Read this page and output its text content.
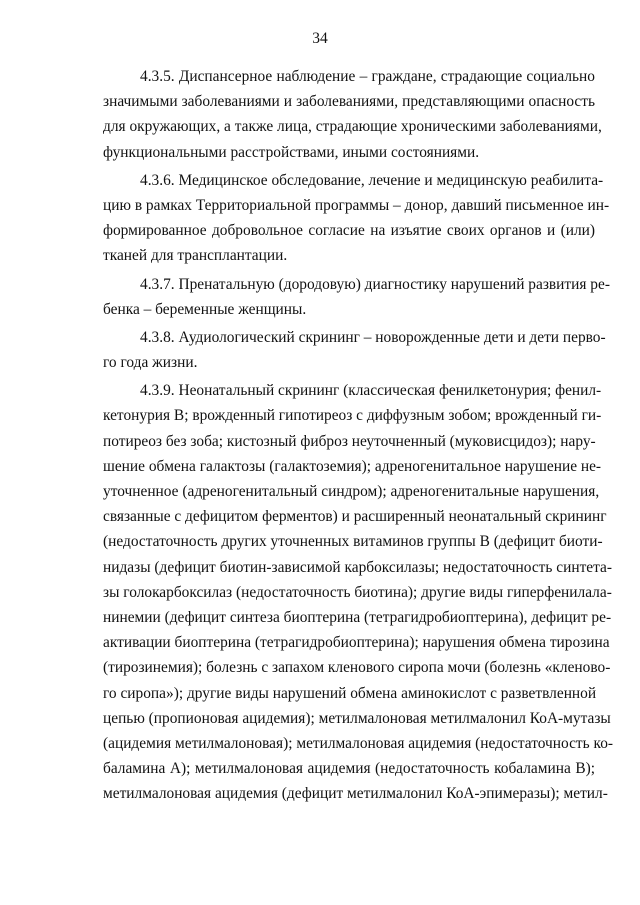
34
4.3.5. Диспансерное наблюдение – граждане, страдающие социально
значимыми заболеваниями и заболеваниями, представляющими опасность
для окружающих, а также лица, страдающие хроническими заболеваниями,
функциональными расстройствами, иными состояниями.
4.3.6. Медицинское обследование, лечение и медицинскую реабилита-
цию в рамках Территориальной программы – донор, давший письменное ин-
формированное добровольное согласие на изъятие своих органов и (или)
тканей для трансплантации.
4.3.7. Пренатальную (дородовую) диагностику нарушений развития ре-
бенка – беременные женщины.
4.3.8. Аудиологический скрининг – новорожденные дети и дети перво-
го года жизни.
4.3.9. Неонатальный скрининг (классическая фенилкетонурия; фенил-
кетонурия B; врожденный гипотиреоз с диффузным зобом; врожденный ги-
потиреоз без зоба; кистозный фиброз неуточненный (муковисцидоз); нару-
шение обмена галактозы (галактоземия); адреногенитальное нарушение не-
уточненное (адреногенитальный синдром); адреногенитальные нарушения,
связанные с дефицитом ферментов) и расширенный неонатальный скрининг
(недостаточность других уточненных витаминов группы B (дефицит биоти-
нидазы (дефицит биотин-зависимой карбоксилазы; недостаточность синтета-
зы голокарбоксилаз (недостаточность биотина); другие виды гиперфенилала-
нинемии (дефицит синтеза биоптерина (тетрагидробиоптерина), дефицит ре-
активации биоптерина (тетрагидробиоптерина); нарушения обмена тирозина
(тирозинемия); болезнь с запахом кленового сиропа мочи (болезнь «кленово-
го сиропа»); другие виды нарушений обмена аминокислот с разветвленной
цепью (пропионовая ацидемия); метилмалоновая метилмалонил КоА-мутазы
(ацидемия метилмалоновая); метилмалоновая ацидемия (недостаточность ко-
баламина A); метилмалоновая ацидемия (недостаточность кобаламина B);
метилмалоновая ацидемия (дефицит метилмалонил КоА-эпимеразы); метил-
